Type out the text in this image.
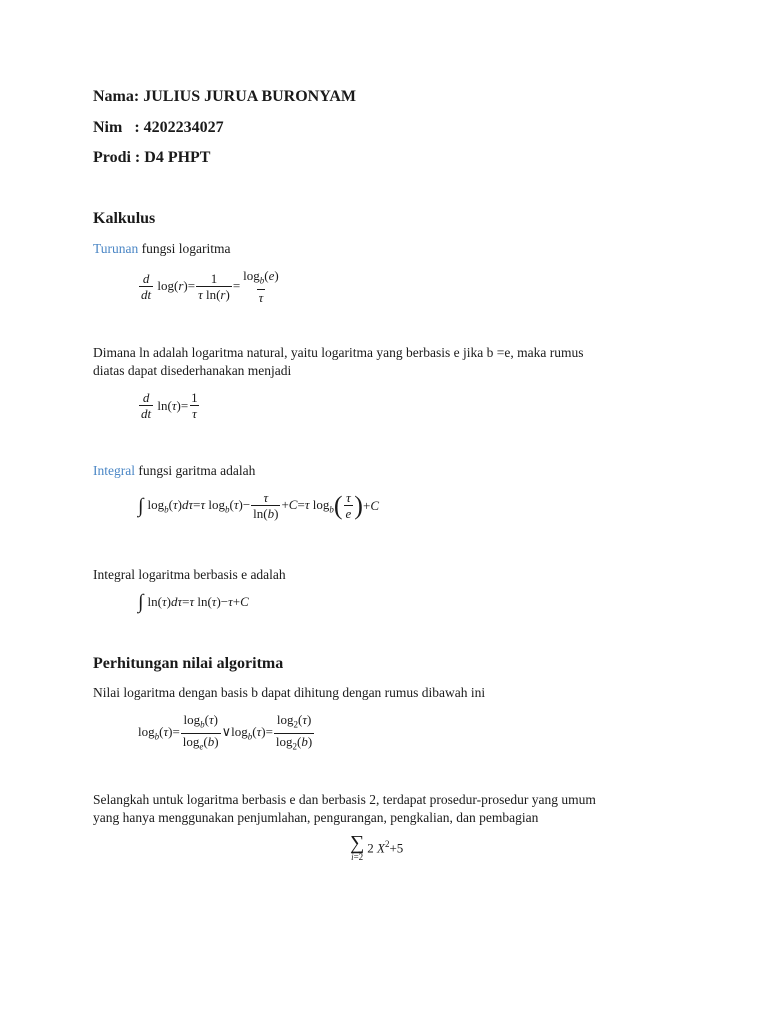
Nama: JULIUS JURUA BURONYAM
Nim : 4202234027
Prodi : D4 PHPT
Kalkulus
Turunan fungsi logaritma
$\frac{d}{dt} \log(r)= \frac{1}{\text{τ ln(r)}} = \frac{\log_b(e)}{\tau}$
Dimana ln adalah logaritma natural, yaitu logaritma yang berbasis e jika b =e, maka rumus
diatas dapat disederhanakan menjadi
$\frac{d}{dt} \ln(\tau)= \frac{1}{\tau}$
Integral fungsi garitma adalah
∫ $\log_b(\tau)d\tau=\tau$ $\log_b(\tau)- \frac{\tau}{\ln(b)} +C=\tau$ $\log_b$ ( $\frac{\tau}{e}$ ) +C
Integral logaritma berbasis e adalah
∫ ln(τ)dτ=τ ln(τ)−τ+C
Perhitungan nilai algoritma
Nilai logaritma dengan basis b dapat dihitung dengan rumus dibawah ini
$\log_b(\tau)= \frac{\log_b(\tau)}{\log_e(b)}$ $\vee\log_b(\tau)= \frac{\log_2(\tau)}{\log_2(b)}$
Selangkah untuk logaritma berbasis e dan berbasis 2, terdapat prosedur-prosedur yang umum
yang hanya menggunakan penjumlahan, pengurangan, pengkalian, dan pembagian
∑
i=2
2 $X^2+5$
